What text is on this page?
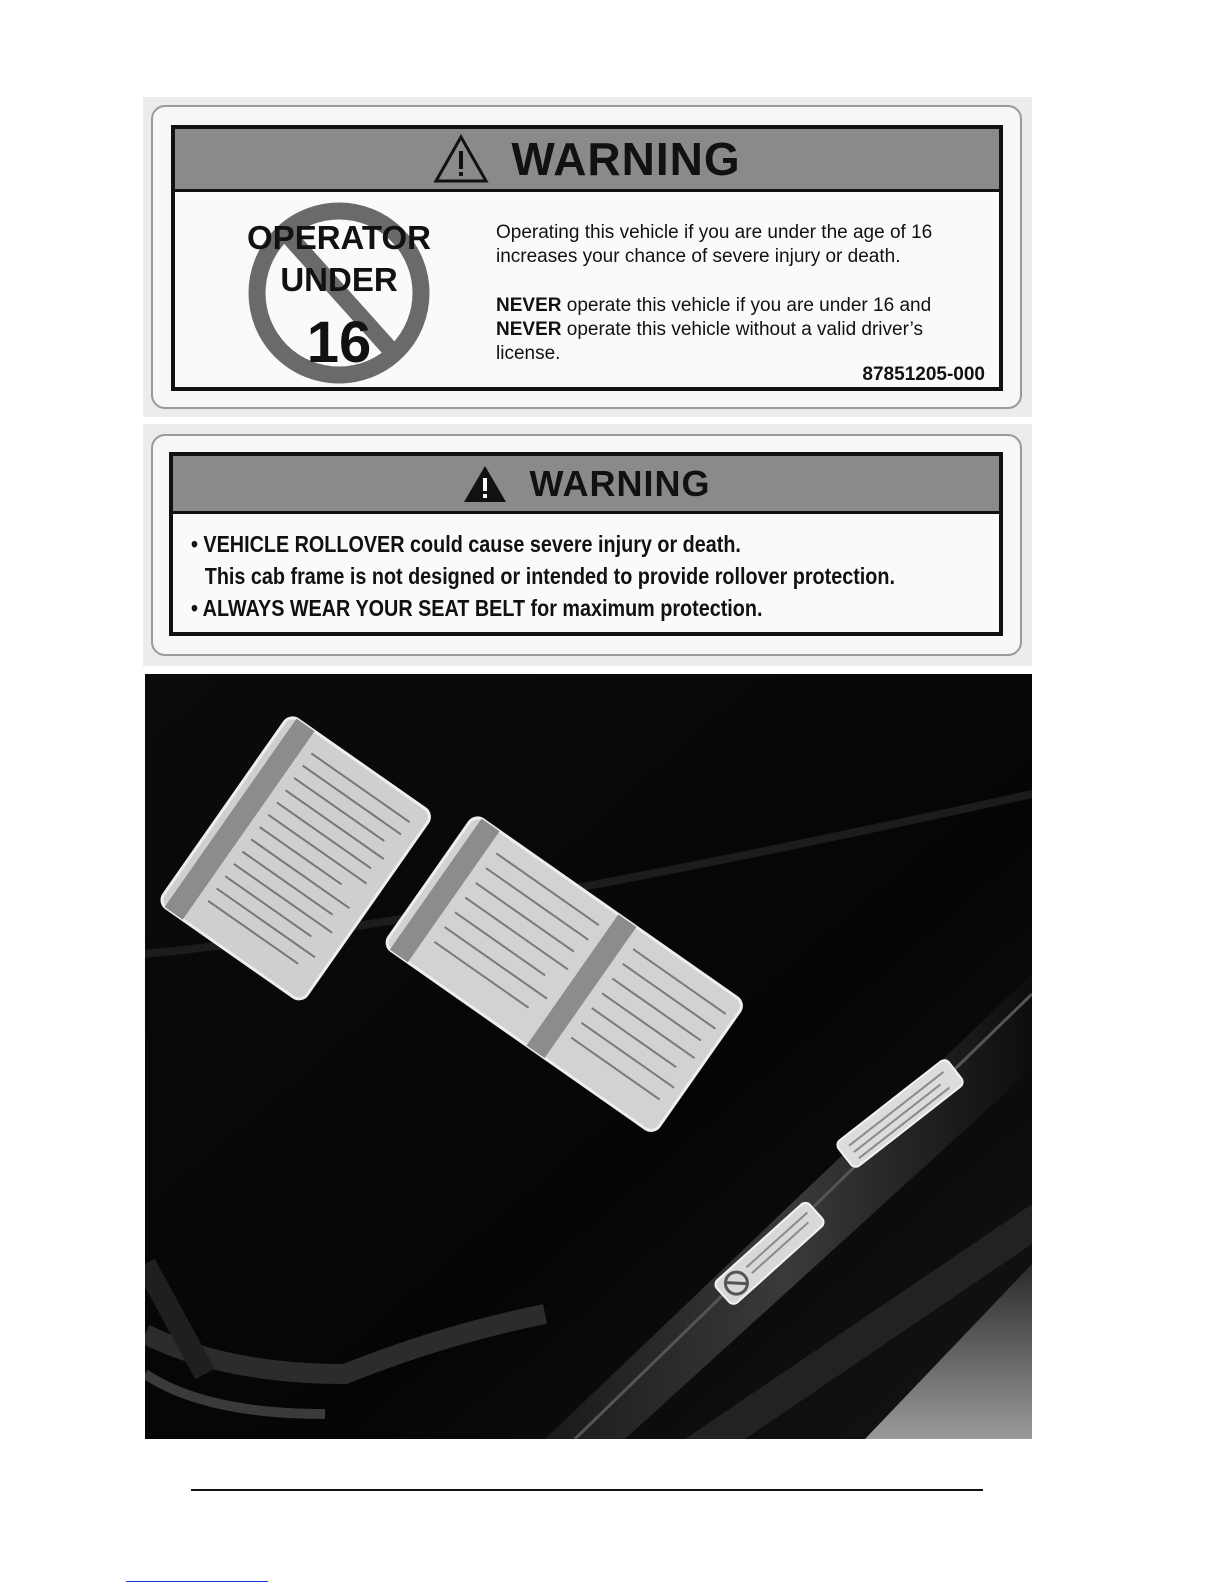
WARNING
OPERATOR
UNDER
16
Operating this vehicle if you are under the age of 16 increases your chance of severe injury or death.
NEVER operate this vehicle if you are under 16 and NEVER operate this vehicle without a valid driver’s license.
87851205-000
WARNING
• VEHICLE ROLLOVER could cause severe injury or death.
This cab frame is not designed or intended to provide rollover protection.
• ALWAYS WEAR YOUR SEAT BELT for maximum protection.
